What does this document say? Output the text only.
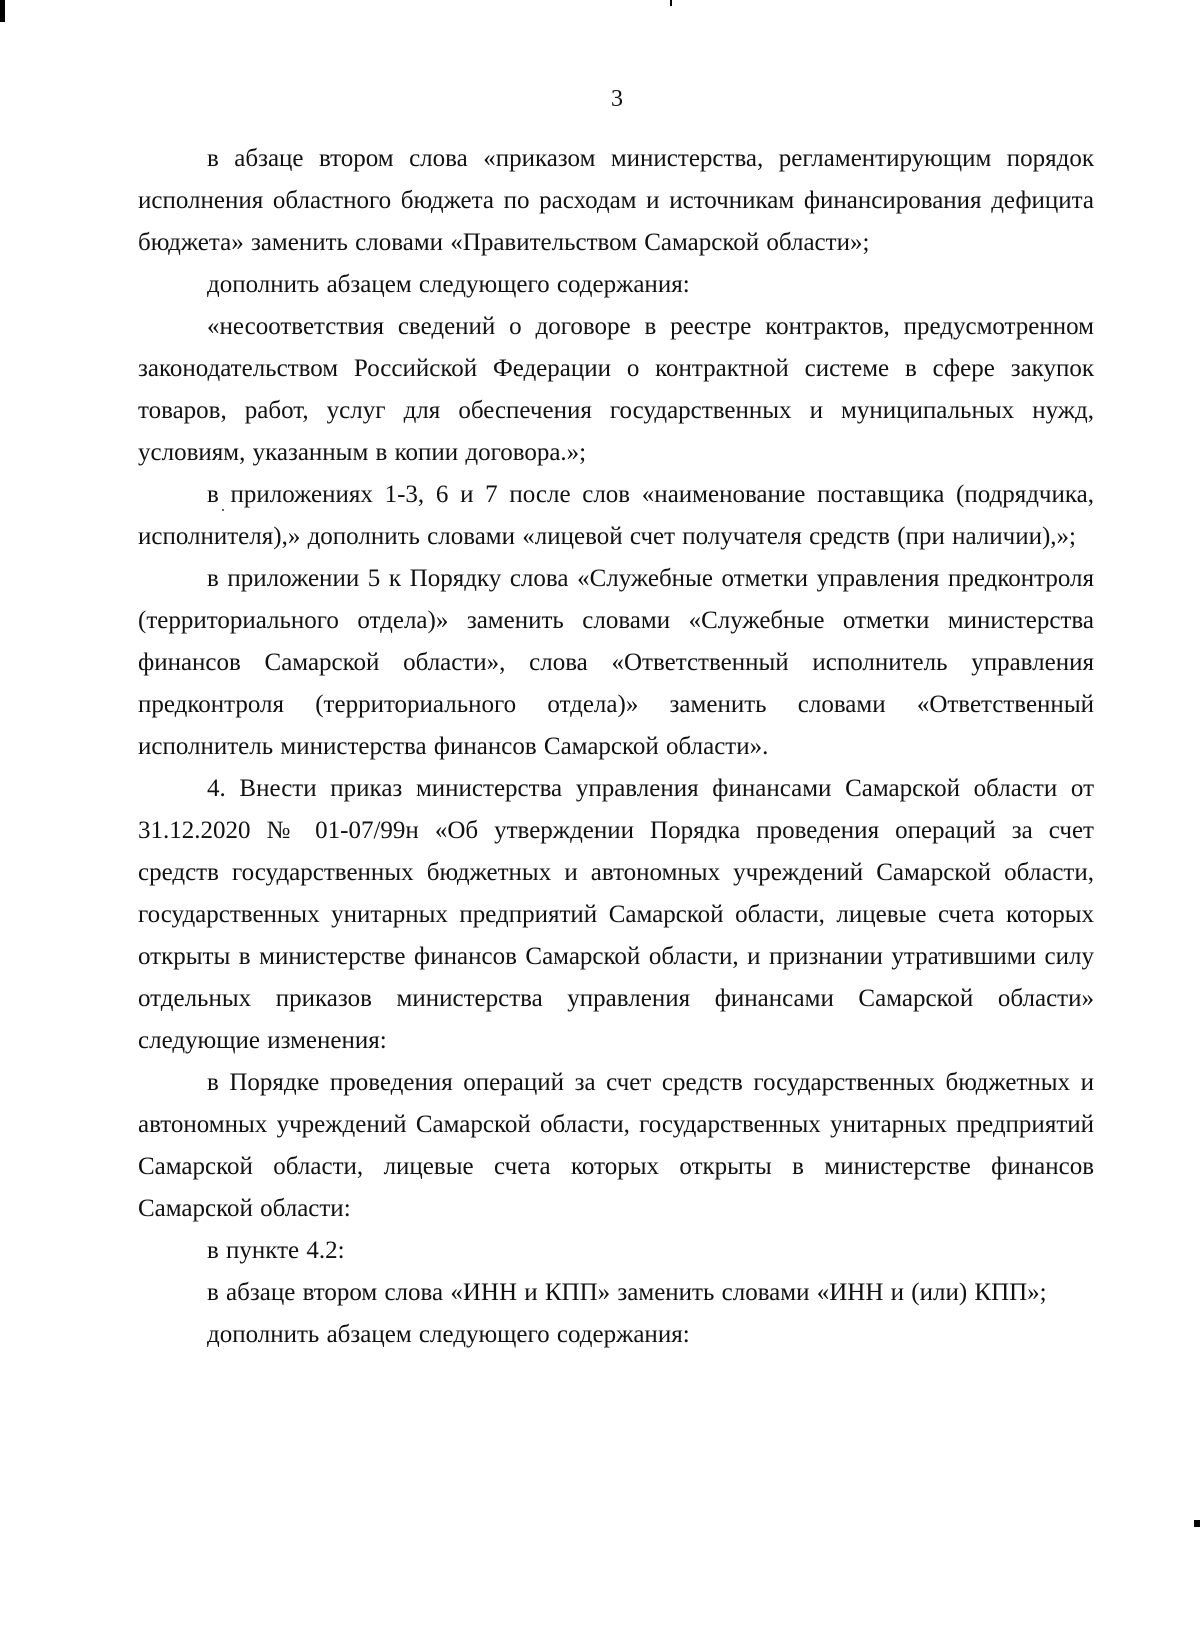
3

в абзаце втором слова «приказом министерства, регламентирующим порядок исполнения областного бюджета по расходам и источникам финансирования дефицита бюджета» заменить словами «Правительством Самарской области»;

дополнить абзацем следующего содержания:

«несоответствия сведений о договоре в реестре контрактов, предусмотренном законодательством Российской Федерации о контрактной системе в сфере закупок товаров, работ, услуг для обеспечения государственных и муниципальных нужд, условиям, указанным в копии договора.»;

в приложениях 1-3, 6 и 7 после слов «наименование поставщика (подрядчика, исполнителя),» дополнить словами «лицевой счет получателя средств (при наличии),»;

в приложении 5 к Порядку слова «Служебные отметки управления предконтроля (территориального отдела)» заменить словами «Служебные отметки министерства финансов Самарской области», слова «Ответственный исполнитель управления предконтроля (территориального отдела)» заменить словами «Ответственный исполнитель министерства финансов Самарской области».

4. Внести приказ министерства управления финансами Самарской области от 31.12.2020 № 01-07/99н «Об утверждении Порядка проведения операций за счет средств государственных бюджетных и автономных учреждений Самарской области, государственных унитарных предприятий Самарской области, лицевые счета которых открыты в министерстве финансов Самарской области, и признании утратившими силу отдельных приказов министерства управления финансами Самарской области» следующие изменения:

в Порядке проведения операций за счет средств государственных бюджетных и автономных учреждений Самарской области, государственных унитарных предприятий Самарской области, лицевые счета которых открыты в министерстве финансов Самарской области:

в пункте 4.2:

в абзаце втором слова «ИНН и КПП» заменить словами «ИНН и (или) КПП»;

дополнить абзацем следующего содержания:
